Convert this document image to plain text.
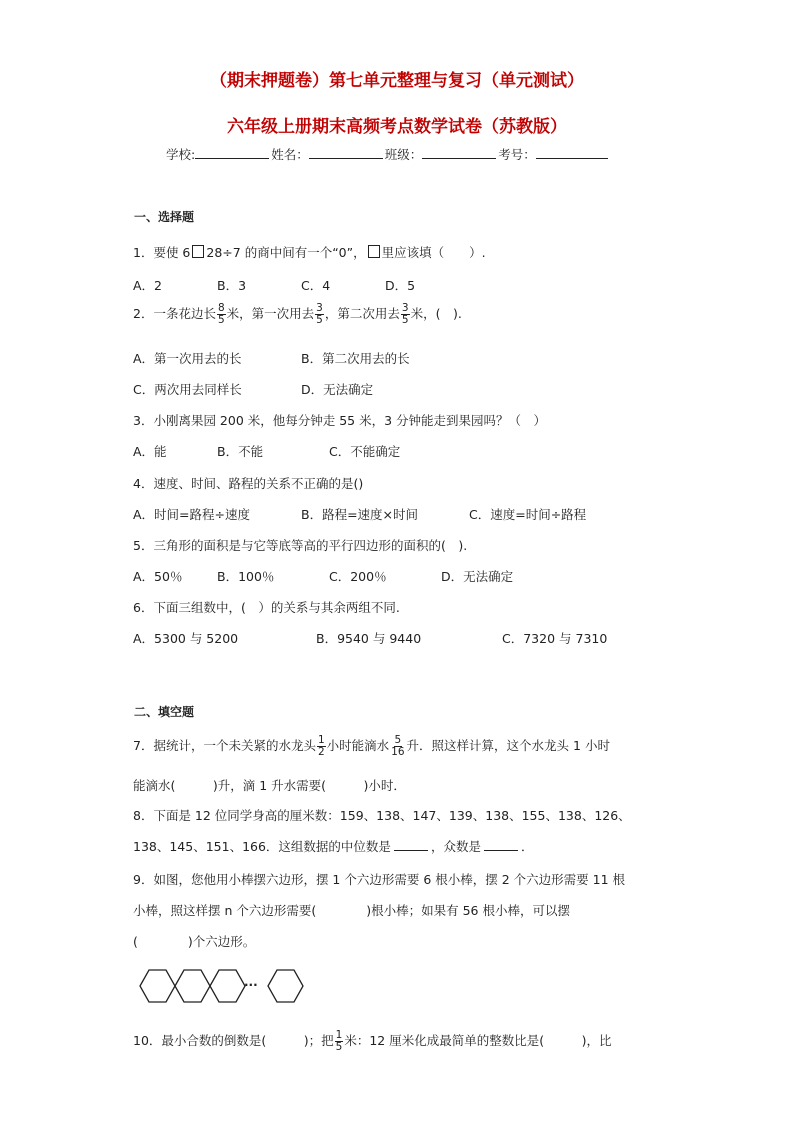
（期末押题卷）第七单元整理与复习（单元测试）
六年级上册期末高频考点数学试卷（苏教版）
学校:	姓名：	班级：	考号：
一、选择题
1．要使 6 28÷7 的商中间有一个“0”， 里应该填（　　）.
A．2	B．3	C．4	D．5
2．一条花边长 $\frac{8}{5}$ 米，第一次用去 $\frac{3}{5}$ ，第二次用去 $\frac{3}{5}$ 米，(　).
A．第一次用去的长	B．第二次用去的长
C．两次用去同样长	D．无法确定
3．小刚离果园 200 米，他每分钟走 55 米，3 分钟能走到果园吗？（　）
A．能	B．不能	C．不能确定
4．速度、时间、路程的关系不正确的是()
A．时间=路程÷速度	B．路程=速度×时间	C．速度=时间÷路程
5．三角形的面积是与它等底等高的平行四边形的面积的(　).
A．50％	B．100％	C．200％	D．无法确定
6．下面三组数中，(　）的关系与其余两组不同.
A．5300 与 5200	B．9540 与 9440	C．7320 与 7310
二、填空题
7．据统计，一个未关紧的水龙头 $\frac{1}{2}$ 小时能滴水 $\frac{5}{16}$ 升．照这样计算，这个水龙头 1 小时
能滴水(　　　)升，滴 1 升水需要(　　　)小时．
8．下面是 12 位同学身高的厘米数：159、138、147、139、138、155、138、126、
138、145、151、166．这组数据的中位数是	，众数是	．
9．如图，您他用小棒摆六边形，摆 1 个六边形需要 6 根小棒，摆 2 个六边形需要 11 根
小棒，照这样摆 n 个六边形需要(　　　　)根小棒；如果有 56 根小棒，可以摆
(　　　　)个六边形。
···
10．最小合数的倒数是(　　　)；把 $\frac{1}{5}$ 米：12 厘米化成最简单的整数比是(　　　)，比
